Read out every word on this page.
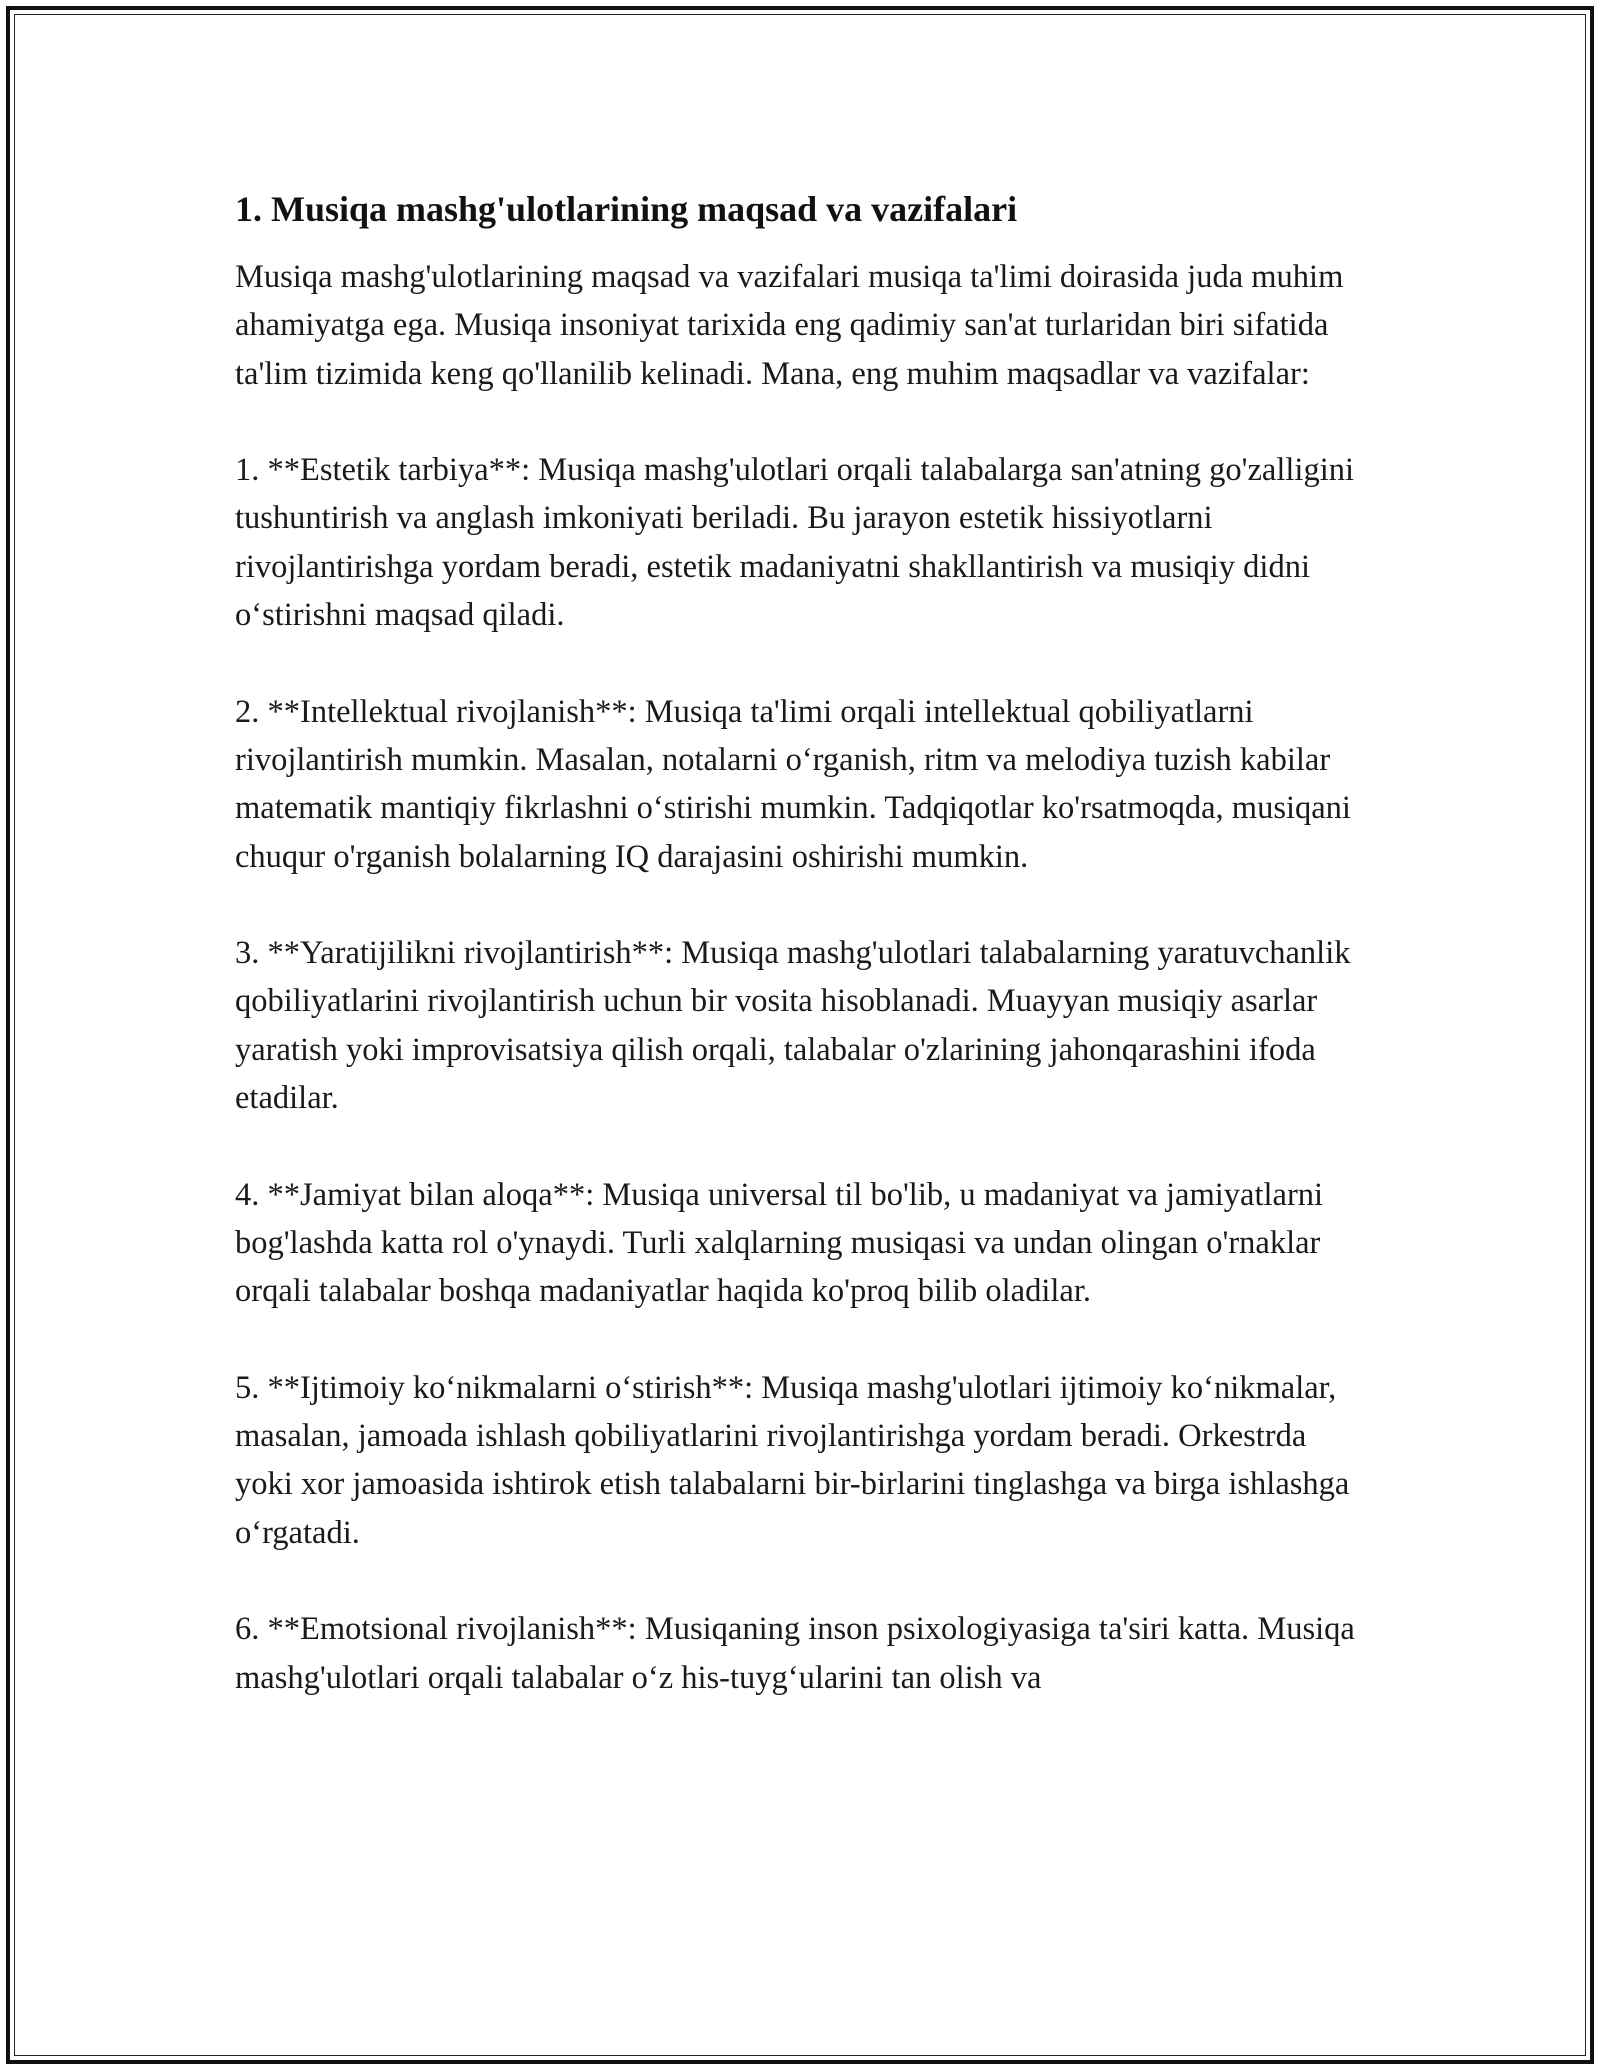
1. Musiqa mashg'ulotlarining maqsad va vazifalari

Musiqa mashg'ulotlarining maqsad va vazifalari musiqa ta'limi doirasida juda muhim ahamiyatga ega. Musiqa insoniyat tarixida eng qadimiy san'at turlaridan biri sifatida ta'lim tizimida keng qo'llanilib kelinadi. Mana, eng muhim maqsadlar va vazifalar:

1. **Estetik tarbiya**: Musiqa mashg'ulotlari orqali talabalarga san'atning go'zalligini tushuntirish va anglash imkoniyati beriladi. Bu jarayon estetik hissiyotlarni rivojlantirishga yordam beradi, estetik madaniyatni shakllantirish va musiqiy didni o‘stirishni maqsad qiladi.

2. **Intellektual rivojlanish**: Musiqa ta'limi orqali intellektual qobiliyatlarni rivojlantirish mumkin. Masalan, notalarni o‘rganish, ritm va melodiya tuzish kabilar matematik mantiqiy fikrlashni o‘stirishi mumkin. Tadqiqotlar ko'rsatmoqda, musiqani chuqur o'rganish bolalarning IQ darajasini oshirishi mumkin.

3. **Yaratijilikni rivojlantirish**: Musiqa mashg'ulotlari talabalarning yaratuvchanlik qobiliyatlarini rivojlantirish uchun bir vosita hisoblanadi. Muayyan musiqiy asarlar yaratish yoki improvisatsiya qilish orqali, talabalar o'zlarining jahonqarashini ifoda etadilar.

4. **Jamiyat bilan aloqa**: Musiqa universal til bo'lib, u madaniyat va jamiyatlarni bog'lashda katta rol o'ynaydi. Turli xalqlarning musiqasi va undan olingan o'rnaklar orqali talabalar boshqa madaniyatlar haqida ko'proq bilib oladilar.

5. **Ijtimoiy ko‘nikmalarni o‘stirish**: Musiqa mashg'ulotlari ijtimoiy ko‘nikmalar, masalan, jamoada ishlash qobiliyatlarini rivojlantirishga yordam beradi. Orkestrda yoki xor jamoasida ishtirok etish talabalarni bir-birlarini tinglashga va birga ishlashga o‘rgatadi.

6. **Emotsional rivojlanish**: Musiqaning inson psixologiyasiga ta'siri katta. Musiqa mashg'ulotlari orqali talabalar o‘z his-tuyg‘ularini tan olish va
